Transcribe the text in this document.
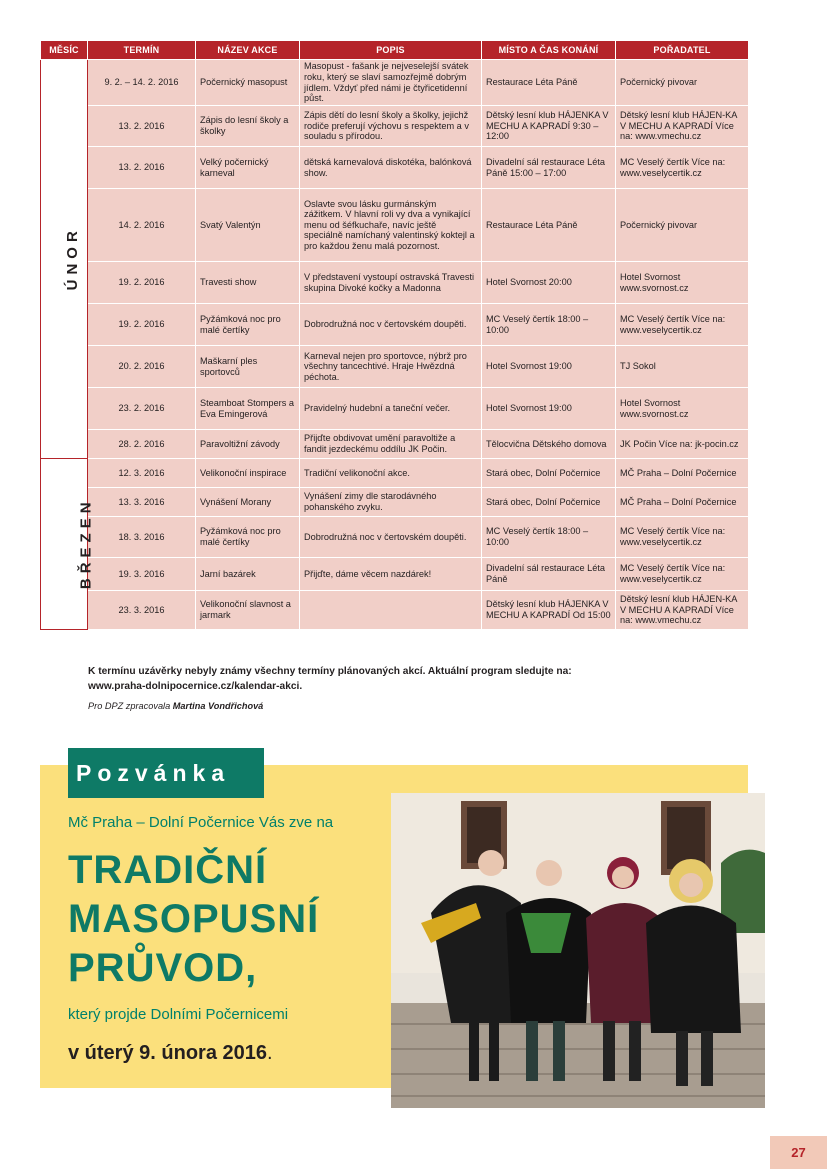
MĚSÍC	TERMÍN	NÁZEV AKCE	POPIS	MÍSTO A ČAS KONÁNÍ	POŘADATEL
ÚNOR	9. 2. – 14. 2. 2016	Počernický masopust	Masopust - fašank je nejveselejší svátek roku, který se slaví samozřejmě dobrým jídlem. Vždyť před námi je čtyřicetidenní půst.	Restaurace Léta Páně	Počernický pivovar
	13. 2. 2016	Zápis do lesní školy a školky	Zápis dětí do lesní školy a školky, jejichž rodiče preferují výchovu s respektem a v souladu s přírodou.	Dětský lesní klub HÁJENKA V MECHU A KAPRADÍ 9:30 – 12:00	Dětský lesní klub HÁJEN-KA V MECHU A KAPRADÍ Více na: www.vmechu.cz
	13. 2. 2016	Velký počernický karneval	dětská karnevalová diskotéka, balónková show.	Divadelní sál restaurace Léta Páně 15:00 – 17:00	MC Veselý čertík Více na: www.veselycertik.cz
	14. 2. 2016	Svatý Valentýn	Oslavte svou lásku gurmánským zážitkem. V hlavní roli vy dva a vynikající menu od šéfkuchaře, navíc ještě speciálně namíchaný valentinský koktejl a pro každou ženu malá pozornost.	Restaurace Léta Páně	Počernický pivovar
	19. 2. 2016	Travesti show	V představení vystoupí ostravská Travesti skupina Divoké kočky a Madonna	Hotel Svornost 20:00	Hotel Svornost www.svornost.cz
	19. 2. 2016	Pyžámková noc pro malé čertíky	Dobrodružná noc v čertovském doupěti.	MC Veselý čertík 18:00 – 10:00	MC Veselý čertík Více na: www.veselycertik.cz
	20. 2. 2016	Maškarní ples sportovců	Karneval nejen pro sportovce, nýbrž pro všechny tancechtivé. Hraje Hwězdná péchota.	Hotel Svornost 19:00	TJ Sokol
	23. 2. 2016	Steamboat Stompers a Eva Emingerová	Pravidelný hudební a taneční večer.	Hotel Svornost 19:00	Hotel Svornost www.svornost.cz
	28. 2. 2016	Paravoltižní závody	Přijďte obdivovat umění paravoltiže a fandit jezdeckému oddílu JK Počin.	Tělocvična Dětského domova	JK Počin Více na: jk-pocin.cz
BŘEZEN	12. 3. 2016	Velikonoční inspirace	Tradiční velikonoční akce.	Stará obec, Dolní Počernice	MČ Praha – Dolní Počernice
	13. 3. 2016	Vynášení Morany	Vynášení zimy dle starodávného pohanského zvyku.	Stará obec, Dolní Počernice	MČ Praha – Dolní Počernice
	18. 3. 2016	Pyžámková noc pro malé čertíky	Dobrodružná noc v čertovském doupěti.	MC Veselý čertík 18:00 – 10:00	MC Veselý čertík Více na: www.veselycertik.cz
	19. 3. 2016	Jarní bazárek	Přijďte, dáme věcem nazdárek!	Divadelní sál restaurace Léta Páně	MC Veselý čertík Více na: www.veselycertik.cz
	23. 3. 2016	Velikonoční slavnost a jarmark		Dětský lesní klub HÁJENKA V MECHU A KAPRADÍ Od 15:00	Dětský lesní klub HÁJEN-KA V MECHU A KAPRADÍ Více na: www.vmechu.cz
K termínu uzávěrky nebyly známy všechny termíny plánovaných akcí. Aktuální program sledujte na:
www.praha-dolnipocernice.cz/kalendar-akci.
Pro DPZ zpracovala Martina Vondřichová
Pozvánka
Mč Praha – Dolní Počernice Vás zve na
TRADIČNÍ
MASOPUSNÍ
PRŮVOD,
který projde Dolními Počernicemi
v úterý 9. února 2016.
27
